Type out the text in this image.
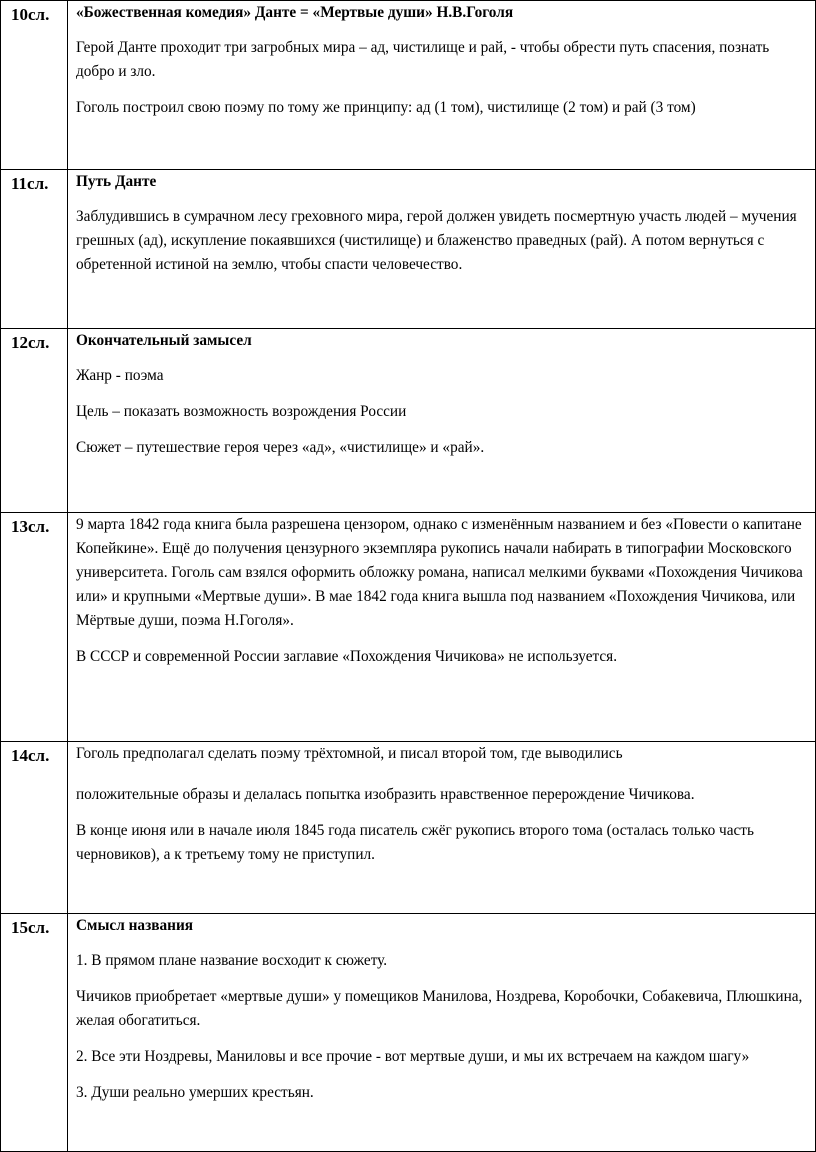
10сл.	«Божественная комедия» Данте = «Мертвые души» Н.В.Гоголя

Герой Данте проходит три загробных мира – ад, чистилище и рай, - чтобы обрести путь спасения, познать добро и зло.

Гоголь построил свою поэму по тому же принципу: ад (1 том), чистилище (2 том) и рай (3 том)

11сл.	Путь Данте

Заблудившись в сумрачном лесу греховного мира, герой должен увидеть посмертную участь людей – мучения грешных (ад), искупление покаявшихся (чистилище) и блаженство праведных (рай). А потом вернуться с обретенной истиной на землю, чтобы спасти человечество.

12сл.	Окончательный замысел

Жанр - поэма

Цель – показать возможность возрождения России

Сюжет – путешествие героя через «ад», «чистилище» и «рай».

13сл.	9 марта 1842 года книга была разрешена цензором, однако с изменённым названием и без «Повести о капитане Копейкине». Ещё до получения цензурного экземпляра рукопись начали набирать в типографии Московского университета. Гоголь сам взялся оформить обложку романа, написал мелкими буквами «Похождения Чичикова или» и крупными «Мертвые души». В мае 1842 года книга вышла под названием «Похождения Чичикова, или Мёртвые души, поэма Н.Гоголя».

В СССР и современной России заглавие «Похождения Чичикова» не используется.

14сл.	Гоголь предполагал сделать поэму трёхтомной, и писал второй том, где выводились

положительные образы и делалась попытка изобразить нравственное перерождение Чичикова.

В конце июня или в начале июля 1845 года писатель сжёг рукопись второго тома (осталась только часть черновиков), а к третьему тому не приступил.

15сл.	Смысл названия

1. В прямом плане название восходит к сюжету.

Чичиков приобретает «мертвые души» у помещиков Манилова, Ноздрева, Коробочки, Собакевича, Плюшкина, желая обогатиться.

2. Все эти Ноздревы, Маниловы и все прочие - вот мертвые души, и мы их встречаем на каждом шагу»

3. Души реально умерших крестьян.
